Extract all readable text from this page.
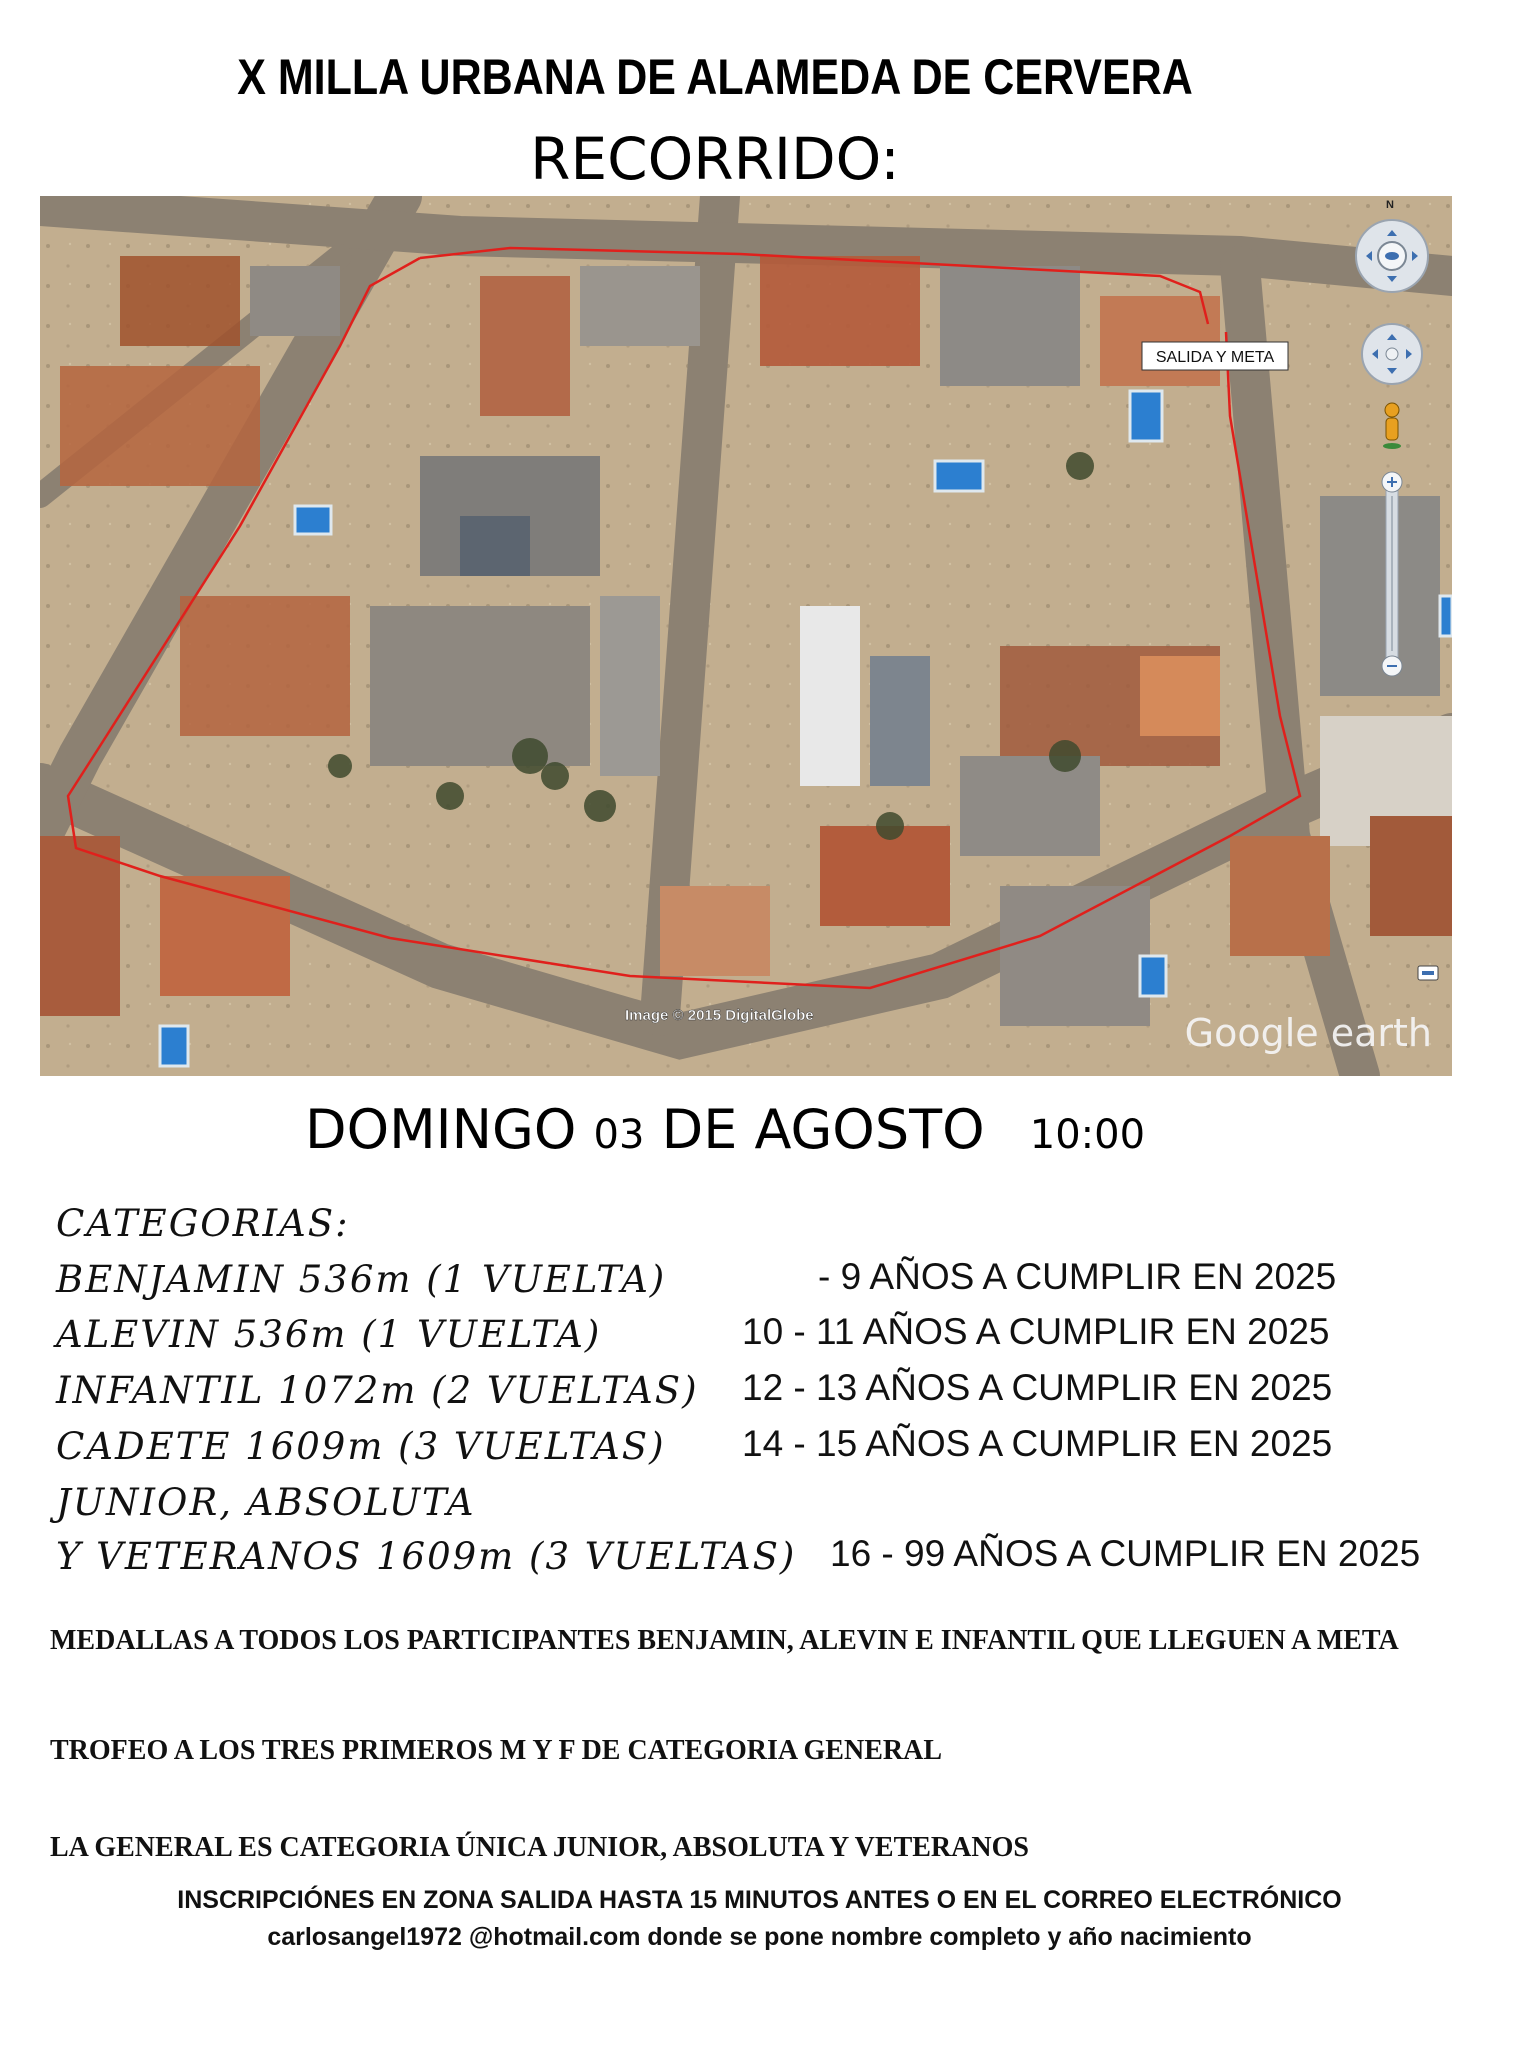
X MILLA URBANA DE ALAMEDA DE CERVERA
RECORRIDO:
SALIDA Y META
Image © 2015 DigitalGlobe	Google earth
N
DOMINGO 03 DE AGOSTO 10:00
CATEGORIAS:
BENJAMIN 536m (1 VUELTA)	- 9 AÑOS A CUMPLIR EN 2025
ALEVIN 536m (1 VUELTA)	10 - 11 AÑOS A CUMPLIR EN 2025
INFANTIL 1072m (2 VUELTAS) 12 - 13 AÑOS A CUMPLIR EN 2025
CADETE 1609m (3 VUELTAS) 14 - 15 AÑOS A CUMPLIR EN 2025
JUNIOR, ABSOLUTA
Y VETERANOS 1609m (3 VUELTAS) 16 - 99 AÑOS A CUMPLIR EN 2025
MEDALLAS A TODOS LOS PARTICIPANTES BENJAMIN, ALEVIN E INFANTIL QUE LLEGUEN A META
TROFEO A LOS TRES PRIMEROS M Y F DE CATEGORIA GENERAL
LA GENERAL ES CATEGORIA ÚNICA JUNIOR, ABSOLUTA Y VETERANOS
INSCRIPCIÓNES EN ZONA SALIDA HASTA 15 MINUTOS ANTES O EN EL CORREO ELECTRÓNICO
carlosangel1972 @hotmail.com donde se pone nombre completo y año nacimiento
